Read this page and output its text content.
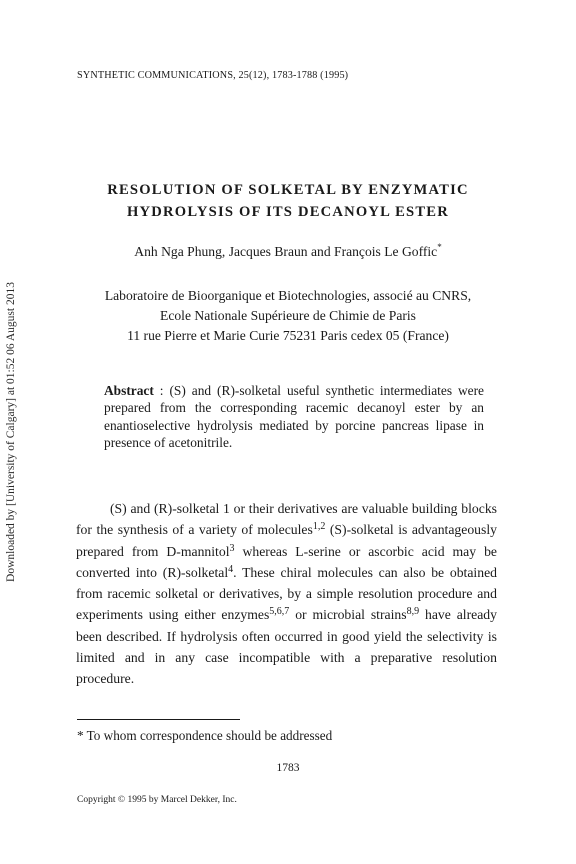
Downloaded by [University of Calgary] at 01:52 06 August 2013
SYNTHETIC COMMUNICATIONS, 25(12), 1783-1788 (1995)
RESOLUTION OF SOLKETAL BY ENZYMATIC
HYDROLYSIS OF ITS DECANOYL ESTER
Anh Nga Phung, Jacques Braun and François Le Goffic*
Laboratoire de Bioorganique et Biotechnologies, associé au CNRS,
Ecole Nationale Supérieure de Chimie de Paris
11 rue Pierre et Marie Curie 75231 Paris cedex 05 (France)
Abstract : (S) and (R)-solketal useful synthetic intermediates were prepared from the corresponding racemic decanoyl ester by an enantioselective hydrolysis mediated by porcine pancreas lipase in presence of acetonitrile.
(S) and (R)-solketal 1 or their derivatives are valuable building blocks for the synthesis of a variety of molecules$^{1,2}$ (S)-solketal is advantageously prepared from D-mannitol$^3$ whereas L-serine or ascorbic acid may be converted into (R)-solketal$^4$. These chiral molecules can also be obtained from racemic solketal or derivatives, by a simple resolution procedure and experiments using either enzymes$^{5,6,7}$ or microbial strains$^{8,9}$ have already been described. If hydrolysis often occurred in good yield the selectivity is limited and in any case incompatible with a preparative resolution procedure.
* To whom correspondence should be addressed
1783
Copyright © 1995 by Marcel Dekker, Inc.
